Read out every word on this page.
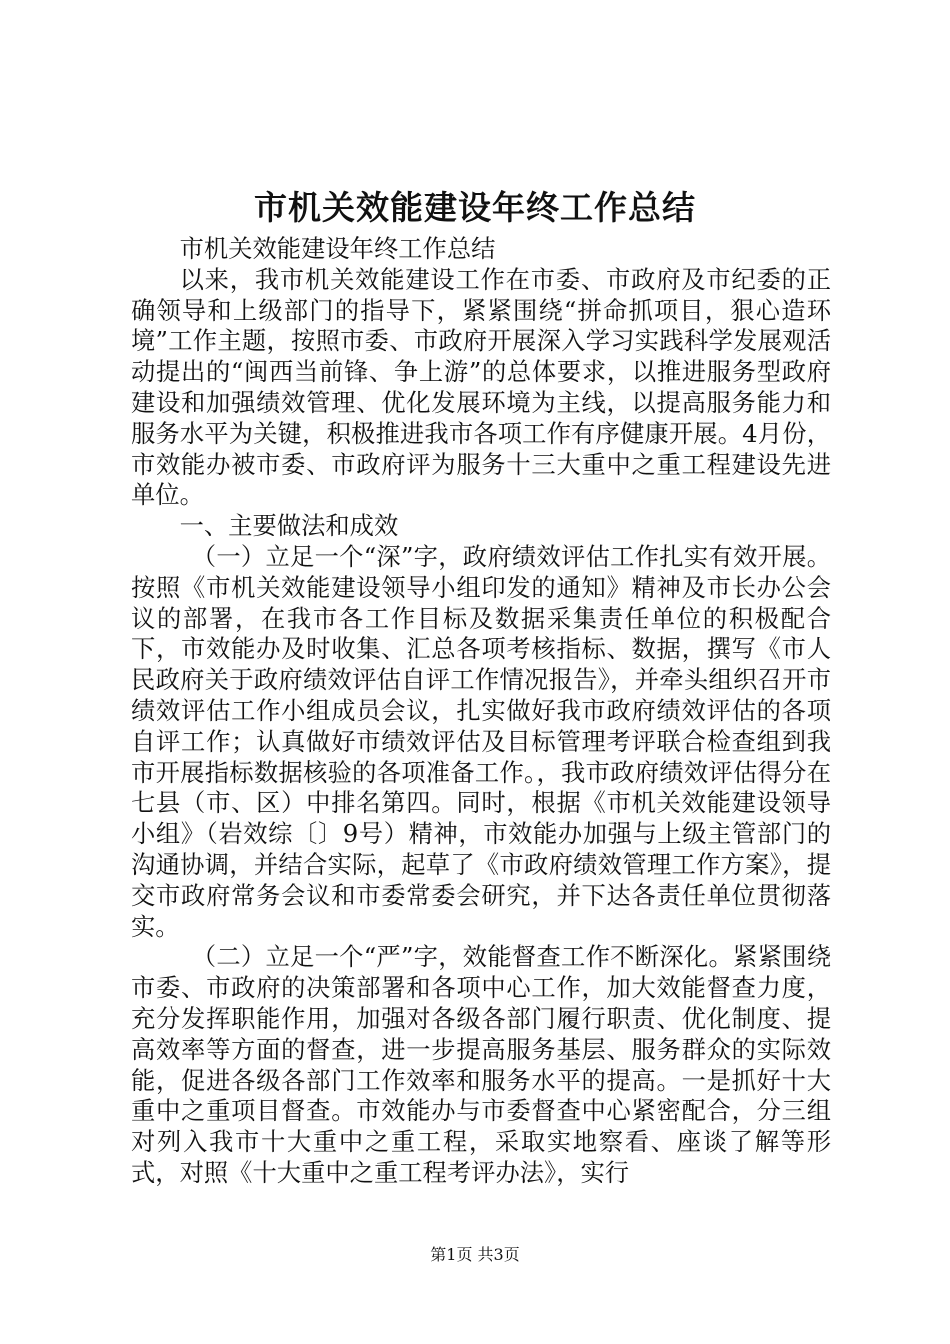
市机关效能建设年终工作总结

市机关效能建设年终工作总结

以来，我市机关效能建设工作在市委、市政府及市纪委的正确领导和上级部门的指导下，紧紧围绕“拼命抓项目，狠心造环境”工作主题，按照市委、市政府开展深入学习实践科学发展观活动提出的“闽西当前锋、争上游”的总体要求，以推进服务型政府建设和加强绩效管理、优化发展环境为主线，以提高服务能力和服务水平为关键，积极推进我市各项工作有序健康开展。4月份，市效能办被市委、市政府评为服务十三大重中之重工程建设先进单位。

一、主要做法和成效

（一）立足一个“深”字，政府绩效评估工作扎实有效开展。按照《市机关效能建设领导小组印发的通知》精神及市长办公会议的部署，在我市各工作目标及数据采集责任单位的积极配合下，市效能办及时收集、汇总各项考核指标、数据，撰写《市人民政府关于政府绩效评估自评工作情况报告》，并牵头组织召开市绩效评估工作小组成员会议，扎实做好我市政府绩效评估的各项自评工作；认真做好市绩效评估及目标管理考评联合检查组到我市开展指标数据核验的各项准备工作。，我市政府绩效评估得分在七县（市、区）中排名第四。同时，根据《市机关效能建设领导小组》（岩效综〔〕9号）精神，市效能办加强与上级主管部门的沟通协调，并结合实际，起草了《市政府绩效管理工作方案》，提交市政府常务会议和市委常委会研究，并下达各责任单位贯彻落实。

（二）立足一个“严”字，效能督查工作不断深化。紧紧围绕市委、市政府的决策部署和各项中心工作，加大效能督查力度，充分发挥职能作用，加强对各级各部门履行职责、优化制度、提高效率等方面的督查，进一步提高服务基层、服务群众的实际效能，促进各级各部门工作效率和服务水平的提高。一是抓好十大重中之重项目督查。市效能办与市委督查中心紧密配合，分三组对列入我市十大重中之重工程，采取实地察看、座谈了解等形式，对照《十大重中之重工程考评办法》，实行

第1页 共3页
